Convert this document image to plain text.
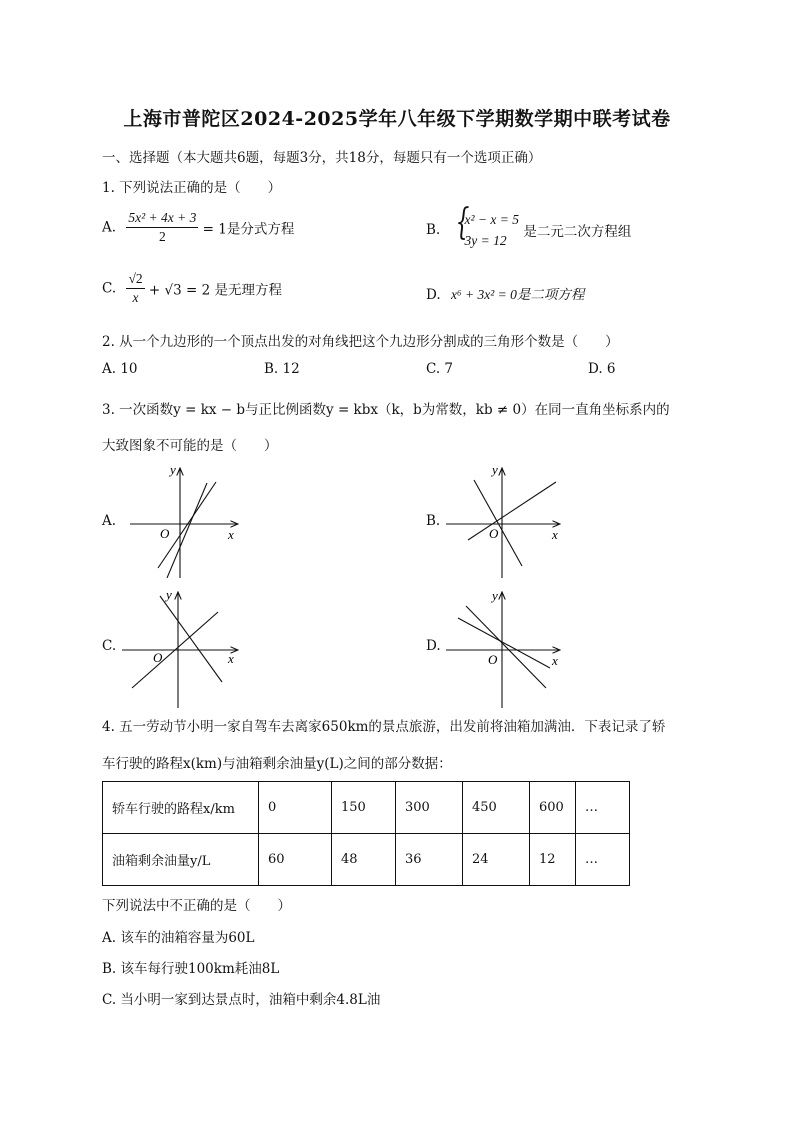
上海市普陀区2024-2025学年八年级下学期数学期中联考试卷
一、选择题（本大题共6题，每题3分，共18分，每题只有一个选项正确）
1. 下列说法正确的是（　　）
A. $\frac{\text{5x² + 4x + 3}}{2} = 1$是分式方程	B. {
x² − x = 5
3y = 12
是二元二次方程组
C. $\frac{√2}{x} + √3 = 2$ 是无理方程	D. x⁶ + 3x² = 0是二项方程
2. 从一个九边形的一个顶点出发的对角线把这个九边形分割成的三角形个数是（　　）
A. 10	B. 12	C. 7	D. 6
3. 一次函数y = kx − b与正比例函数y = kbx（k，b为常数，kb ≠ 0）在同一直角坐标系内的
大致图象不可能的是（　　）
A.	B.
C.	D.
y
x
O
y
x
O
y
x
O
y
x
O
4. 五一劳动节小明一家自驾车去离家650km的景点旅游，出发前将油箱加满油．下表记录了轿
车行驶的路程x(km)与油箱剩余油量y(L)之间的部分数据：
轿车行驶的路程x/km	0	150	300	450	600	…
油箱剩余油量y/L	60	48	36	24	12	…
下列说法中不正确的是（　　）
A. 该车的油箱容量为60L
B. 该车每行驶100km耗油8L
C. 当小明一家到达景点时，油箱中剩余4.8L油
